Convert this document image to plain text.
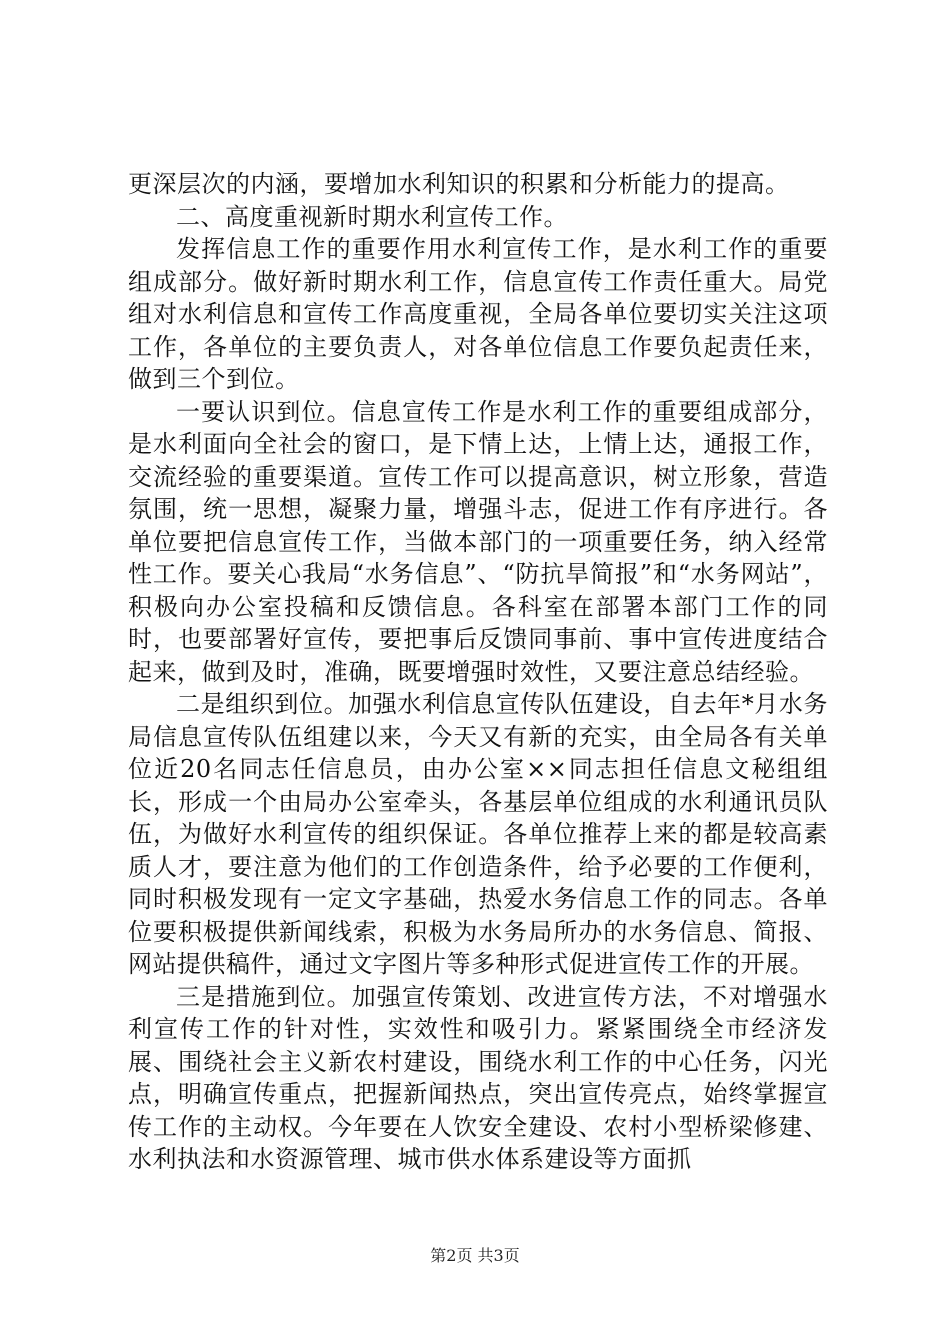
更深层次的内涵，要增加水利知识的积累和分析能力的提高。

二、高度重视新时期水利宣传工作。

发挥信息工作的重要作用水利宣传工作，是水利工作的重要组成部分。做好新时期水利工作，信息宣传工作责任重大。局党组对水利信息和宣传工作高度重视，全局各单位要切实关注这项工作，各单位的主要负责人，对各单位信息工作要负起责任来，做到三个到位。

一要认识到位。信息宣传工作是水利工作的重要组成部分，是水利面向全社会的窗口，是下情上达，上情上达，通报工作，交流经验的重要渠道。宣传工作可以提高意识，树立形象，营造氛围，统一思想，凝聚力量，增强斗志，促进工作有序进行。各单位要把信息宣传工作，当做本部门的一项重要任务，纳入经常性工作。要关心我局“水务信息”、“防抗旱简报”和“水务网站”，积极向办公室投稿和反馈信息。各科室在部署本部门工作的同时，也要部署好宣传，要把事后反馈同事前、事中宣传进度结合起来，做到及时，准确，既要增强时效性，又要注意总结经验。

二是组织到位。加强水利信息宣传队伍建设，自去年*月水务局信息宣传队伍组建以来，今天又有新的充实，由全局各有关单位近20名同志任信息员，由办公室××同志担任信息文秘组组长，形成一个由局办公室牵头，各基层单位组成的水利通讯员队伍，为做好水利宣传的组织保证。各单位推荐上来的都是较高素质人才，要注意为他们的工作创造条件，给予必要的工作便利，同时积极发现有一定文字基础，热爱水务信息工作的同志。各单位要积极提供新闻线索，积极为水务局所办的水务信息、简报、网站提供稿件，通过文字图片等多种形式促进宣传工作的开展。

三是措施到位。加强宣传策划、改进宣传方法，不对增强水利宣传工作的针对性，实效性和吸引力。紧紧围绕全市经济发展、围绕社会主义新农村建设，围绕水利工作的中心任务，闪光点，明确宣传重点，把握新闻热点，突出宣传亮点，始终掌握宣传工作的主动权。今年要在人饮安全建设、农村小型桥梁修建、水利执法和水资源管理、城市供水体系建设等方面抓

第2页 共3页
